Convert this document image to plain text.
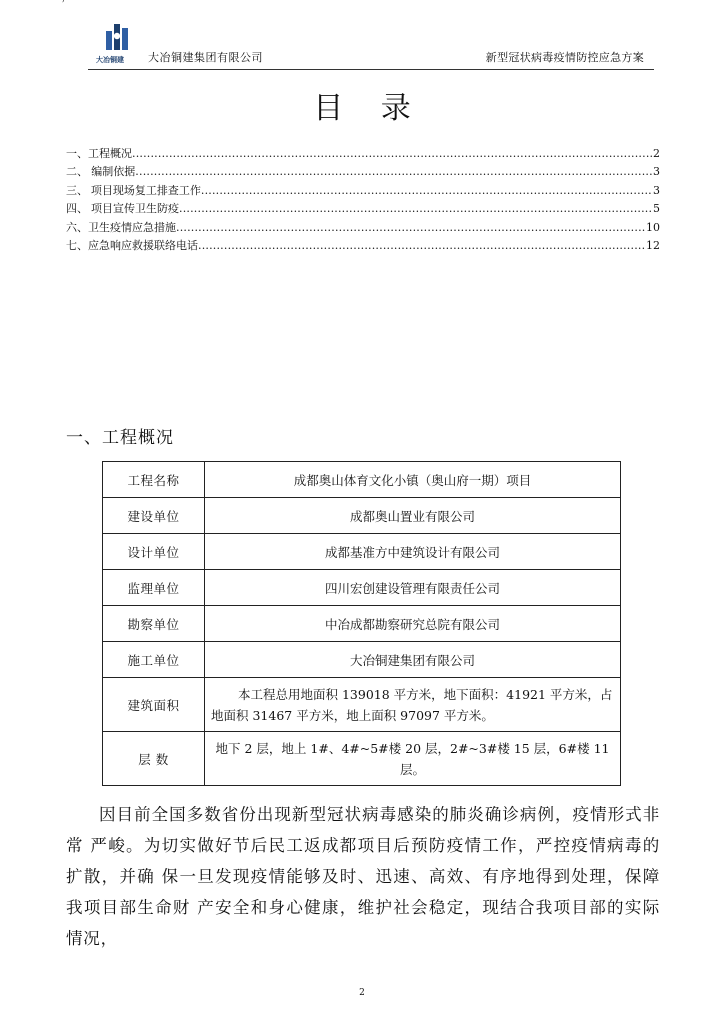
大冶铜建	大冶铜建集团有限公司	新型冠状病毒疫情防控应急方案
目 录
一、 工程概况 .....	2
二、 编制依据 .....	3
三、 项目现场复工排查工作 .....	3
四、 项目宣传卫生防疫 .....	5
六、 卫生疫情应急措施 .....	10
七、 应急响应救援联络电话 .....	12
一、工程概况
工程名称	成都奥山体育文化小镇（奥山府一期）项目
建设单位	成都奥山置业有限公司
设计单位	成都基准方中建筑设计有限公司
监理单位	四川宏创建设管理有限责任公司
勘察单位	中冶成都勘察研究总院有限公司
施工单位	大冶铜建集团有限公司
建筑面积	本工程总用地面积 139018 平方米，地下面积：41921 平方米，占地面积 31467 平方米，地上面积 97097 平方米。

层 数	地下 2 层，地上 1#、4#~5#楼 20 层，2#~3#楼 15 层，6#楼 11 层。

因目前全国多数省份出现新型冠状病毒感染的肺炎确诊病例，疫情形式非常 严峻。为切实做好节后民工返成都项目后预防疫情工作，严控疫情病毒的扩散，并确 保一旦发现疫情能够及时、迅速、高效、有序地得到处理，保障我项目部生命财 产安全和身心健康，维护社会稳定，现结合我项目部的实际情况，

2
